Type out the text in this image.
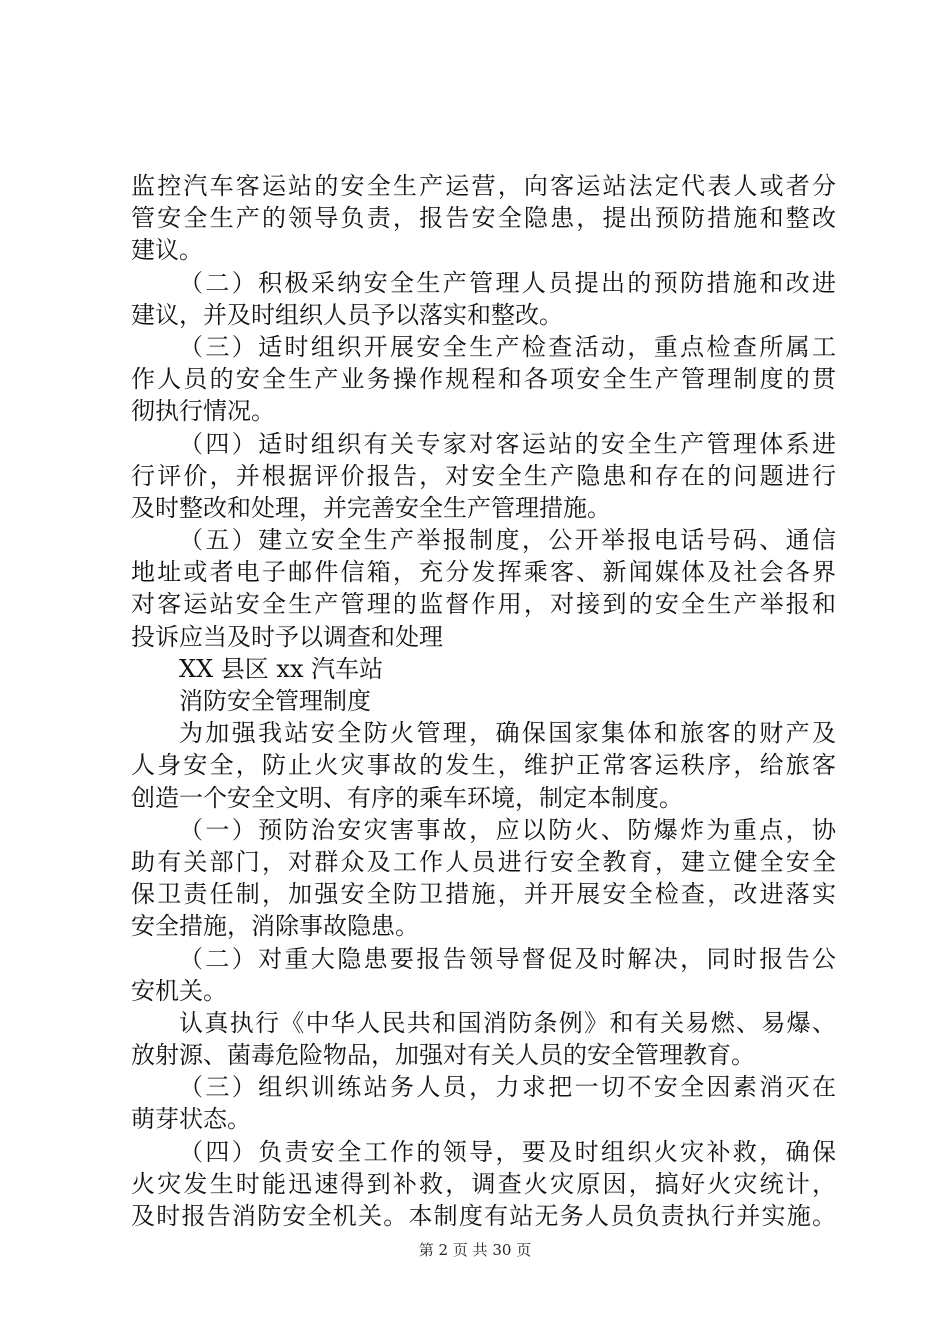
监控汽车客运站的安全生产运营，向客运站法定代表人或者分
管安全生产的领导负责，报告安全隐患，提出预防措施和整改
建议。
（二）积极采纳安全生产管理人员提出的预防措施和改进
建议，并及时组织人员予以落实和整改。
（三）适时组织开展安全生产检查活动，重点检查所属工
作人员的安全生产业务操作规程和各项安全生产管理制度的贯
彻执行情况。
（四）适时组织有关专家对客运站的安全生产管理体系进
行评价，并根据评价报告，对安全生产隐患和存在的问题进行
及时整改和处理，并完善安全生产管理措施。
（五）建立安全生产举报制度，公开举报电话号码、通信
地址或者电子邮件信箱，充分发挥乘客、新闻媒体及社会各界
对客运站安全生产管理的监督作用，对接到的安全生产举报和
投诉应当及时予以调查和处理
XX 县区 xx 汽车站
消防安全管理制度
为加强我站安全防火管理，确保国家集体和旅客的财产及
人身安全，防止火灾事故的发生，维护正常客运秩序，给旅客
创造一个安全文明、有序的乘车环境，制定本制度。
（一）预防治安灾害事故，应以防火、防爆炸为重点，协
助有关部门，对群众及工作人员进行安全教育，建立健全安全
保卫责任制，加强安全防卫措施，并开展安全检查，改进落实
安全措施，消除事故隐患。
（二）对重大隐患要报告领导督促及时解决，同时报告公
安机关。
认真执行《中华人民共和国消防条例》和有关易燃、易爆、
放射源、菌毒危险物品，加强对有关人员的安全管理教育。
（三）组织训练站务人员，力求把一切不安全因素消灭在
萌芽状态。
（四）负责安全工作的领导，要及时组织火灾补救，确保
火灾发生时能迅速得到补救，调查火灾原因，搞好火灾统计，
及时报告消防安全机关。本制度有站无务人员负责执行并实施。
第 2 页 共 30 页
